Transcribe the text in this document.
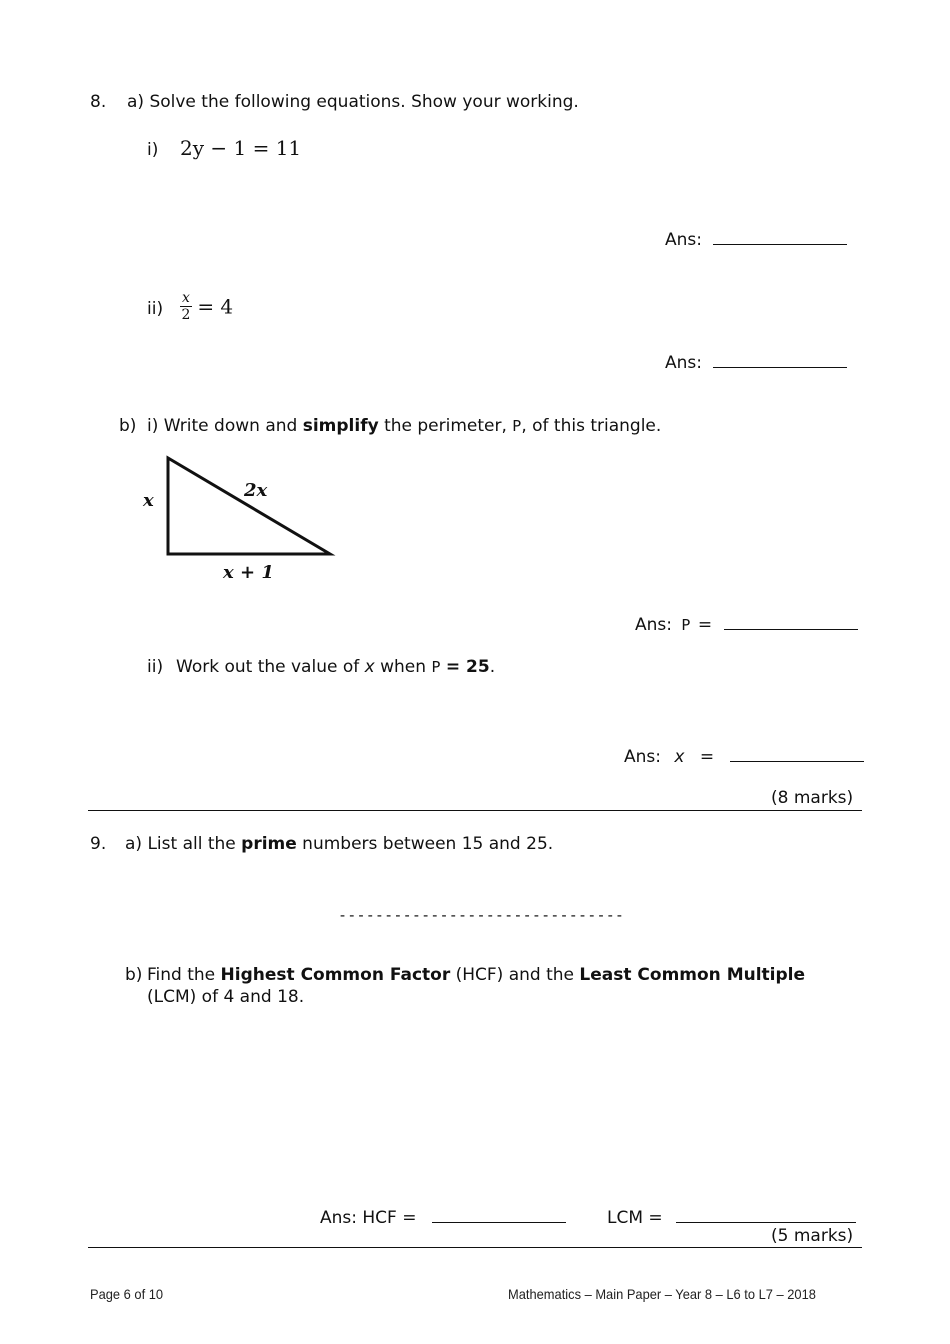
8. a) Solve the following equations. Show your working.
i) 2y − 1 = 11
Ans:
$ii) \frac{x}{2} = 4$
Ans:
b) i) Write down and simplify the perimeter, P, of this triangle.
x	2x
x + 1
Ans: P =
ii) Work out the value of x when P = 25.
Ans: x =
(8 marks)
9. a) List all the prime numbers between 15 and 25.
-------------------------------
b) Find the Highest Common Factor (HCF) and the Least Common Multiple
(LCM) of 4 and 18.
Ans: HCF =	LCM =
(5 marks)
Page 6 of 10	Mathematics – Main Paper – Year 8 – L6 to L7 – 2018
